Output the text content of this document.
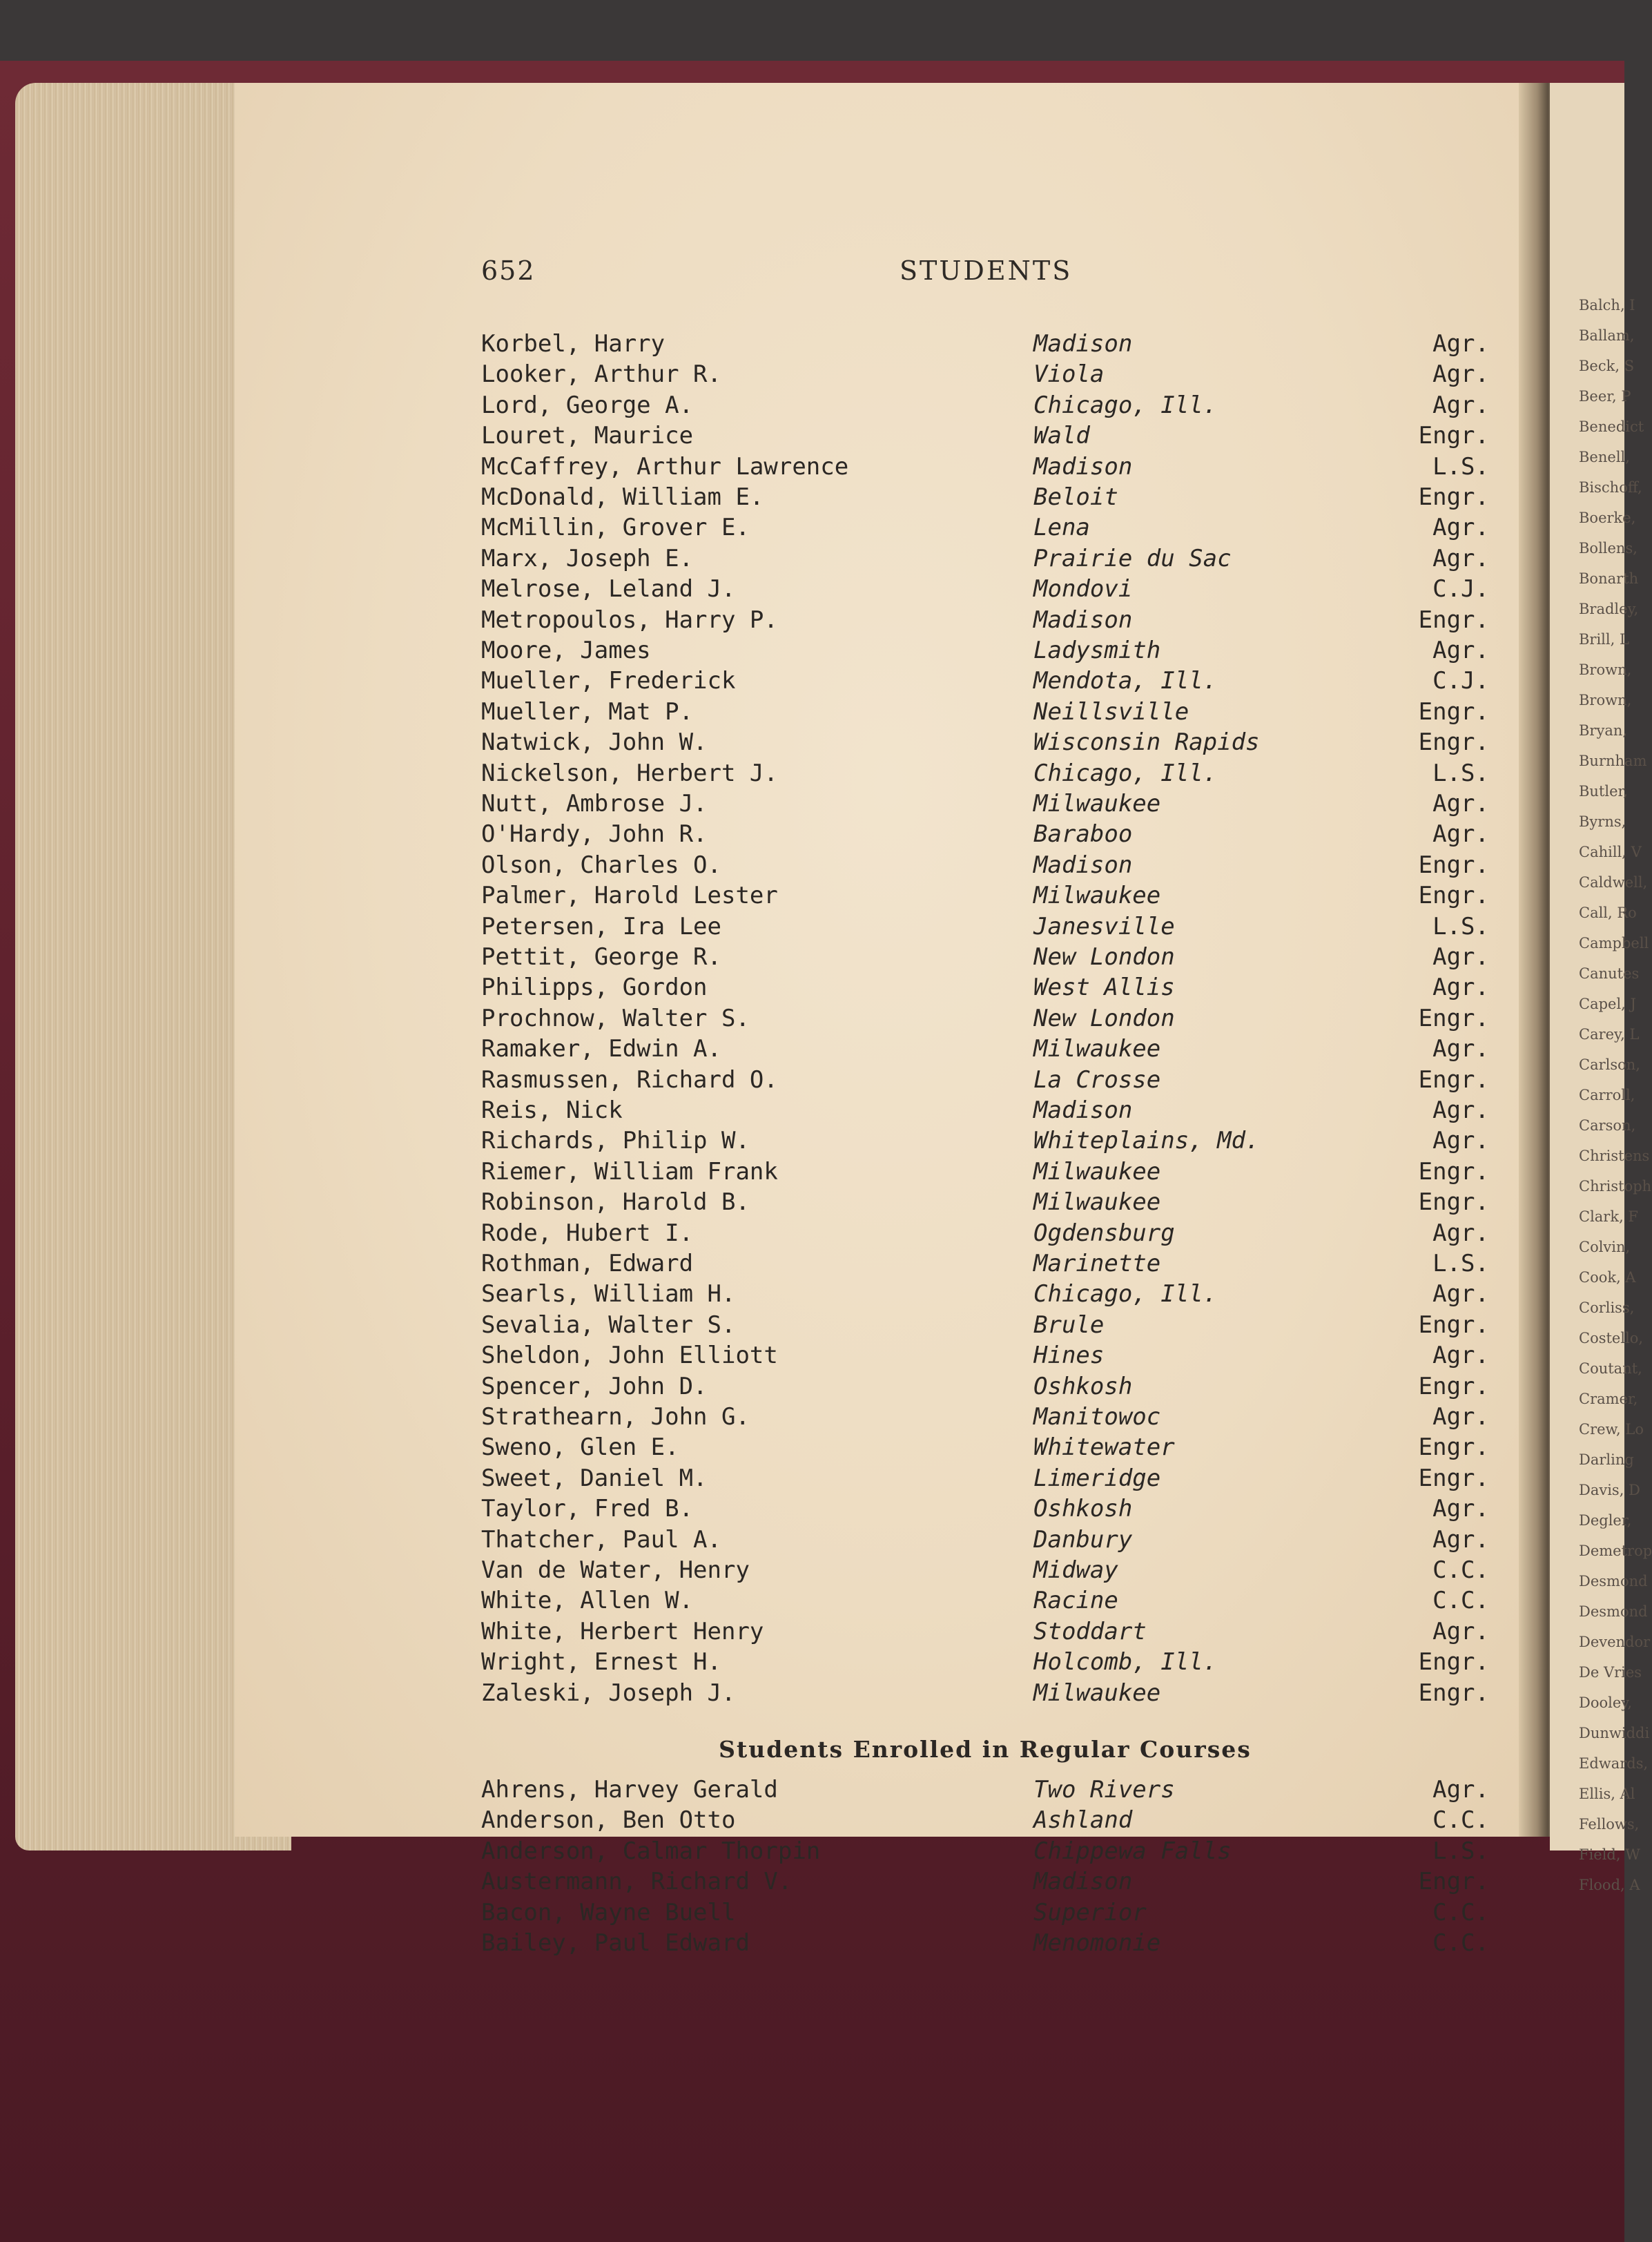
Balch, I
Ballam,
Beck, S
Beer, P
Benedict
Benell,
Bischoff,
Boerke,
Bollens,
Bonarth
Bradley,
Brill, L
Brown,
Brown,
Bryan,
Burnham
Butler,
Byrns,
Cahill, V
Caldwell,
Call, Ro
Campbell
Canutes
Capel, J
Carey, L
Carlson,
Carroll,
Carson,
Christens
Christoph
Clark, F
Colvin,
Cook, A
Corliss,
Costello,
Coutant,
Cramer,
Crew, Lo
Darling
Davis, D
Degler,
Demetrop
Desmond
Desmond
Devendor
De Vries
Dooley,
Dunwiddi
Edwards,
Ellis, Al
Fellows,
Field, W
Flood, A
652	STUDENTS
Korbel, Harry	Madison	Agr.
Looker, Arthur R.	Viola	Agr.
Lord, George A.	Chicago, Ill.	Agr.
Louret, Maurice	Wald	Engr.
McCaffrey, Arthur Lawrence	Madison	L.S.
McDonald, William E.	Beloit	Engr.
McMillin, Grover E.	Lena	Agr.
Marx, Joseph E.	Prairie du Sac	Agr.
Melrose, Leland J.	Mondovi	C.J.
Metropoulos, Harry P.	Madison	Engr.
Moore, James	Ladysmith	Agr.
Mueller, Frederick	Mendota, Ill.	C.J.
Mueller, Mat P.	Neillsville	Engr.
Natwick, John W.	Wisconsin Rapids	Engr.
Nickelson, Herbert J.	Chicago, Ill.	L.S.
Nutt, Ambrose J.	Milwaukee	Agr.
O'Hardy, John R.	Baraboo	Agr.
Olson, Charles O.	Madison	Engr.
Palmer, Harold Lester	Milwaukee	Engr.
Petersen, Ira Lee	Janesville	L.S.
Pettit, George R.	New London	Agr.
Philipps, Gordon	West Allis	Agr.
Prochnow, Walter S.	New London	Engr.
Ramaker, Edwin A.	Milwaukee	Agr.
Rasmussen, Richard O.	La Crosse	Engr.
Reis, Nick	Madison	Agr.
Richards, Philip W.	Whiteplains, Md.	Agr.
Riemer, William Frank	Milwaukee	Engr.
Robinson, Harold B.	Milwaukee	Engr.
Rode, Hubert I.	Ogdensburg	Agr.
Rothman, Edward	Marinette	L.S.
Searls, William H.	Chicago, Ill.	Agr.
Sevalia, Walter S.	Brule	Engr.
Sheldon, John Elliott	Hines	Agr.
Spencer, John D.	Oshkosh	Engr.
Strathearn, John G.	Manitowoc	Agr.
Sweno, Glen E.	Whitewater	Engr.
Sweet, Daniel M.	Limeridge	Engr.
Taylor, Fred B.	Oshkosh	Agr.
Thatcher, Paul A.	Danbury	Agr.
Van de Water, Henry	Midway	C.C.
White, Allen W.	Racine	C.C.
White, Herbert Henry	Stoddart	Agr.
Wright, Ernest H.	Holcomb, Ill.	Engr.
Zaleski, Joseph J.	Milwaukee	Engr.
Students Enrolled in Regular Courses
Ahrens, Harvey Gerald	Two Rivers	Agr.
Anderson, Ben Otto	Ashland	C.C.
Anderson, Calmar Thorpin	Chippewa Falls	L.S.
Austermann, Richard V.	Madison	Engr.
Bacon, Wayne Buell	Superior	C.C.
Bailey, Paul Edward	Menomonie	C.C.
